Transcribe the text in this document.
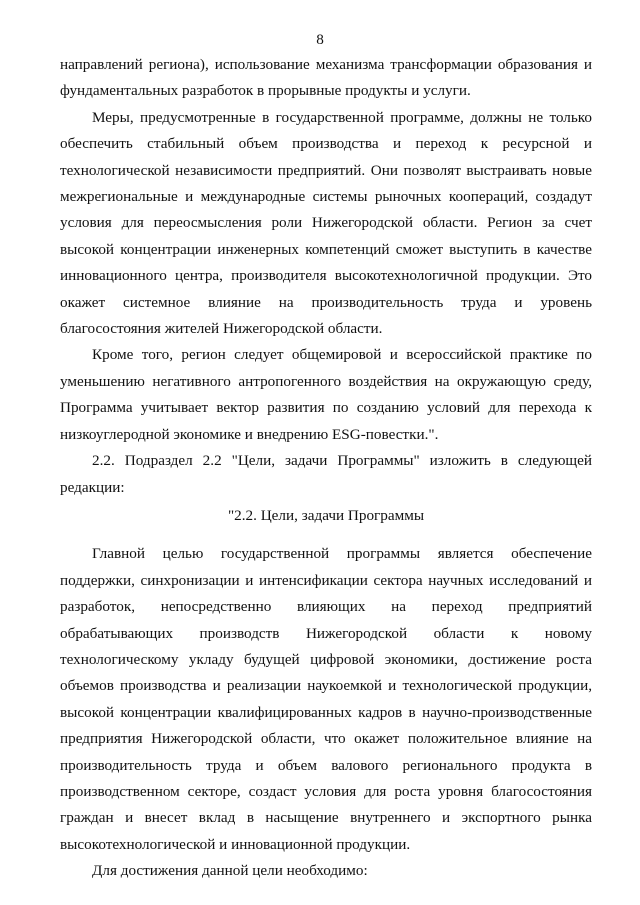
8

направлений региона), использование механизма трансформации образования и фундаментальных разработок в прорывные продукты и услуги.

Меры, предусмотренные в государственной программе, должны не только обеспечить стабильный объем производства и переход к ресурсной и технологической независимости предприятий. Они позволят выстраивать новые межрегиональные и международные системы рыночных коопераций, создадут условия для переосмысления роли Нижегородской области. Регион за счет высокой концентрации инженерных компетенций сможет выступить в качестве инновационного центра, производителя высокотехнологичной продукции. Это окажет системное влияние на производительность труда и уровень благосостояния жителей Нижегородской области.

Кроме того, регион следует общемировой и всероссийской практике по уменьшению негативного антропогенного воздействия на окружающую среду, Программа учитывает вектор развития по созданию условий для перехода к низкоуглеродной экономике и внедрению ESG-повестки.".

2.2. Подраздел 2.2 "Цели, задачи Программы" изложить в следующей редакции:

"2.2. Цели, задачи Программы

Главной целью государственной программы является обеспечение поддержки, синхронизации и интенсификации сектора научных исследований и разработок, непосредственно влияющих на переход предприятий обрабатывающих производств Нижегородской области к новому технологическому укладу будущей цифровой экономики, достижение роста объемов производства и реализации наукоемкой и технологической продукции, высокой концентрации квалифицированных кадров в научно-производственные предприятия Нижегородской области, что окажет положительное влияние на производительность труда и объем валового регионального продукта в производственном секторе, создаст условия для роста уровня благосостояния граждан и внесет вклад в насыщение внутреннего и экспортного рынка высокотехнологической и инновационной продукции.

Для достижения данной цели необходимо:
